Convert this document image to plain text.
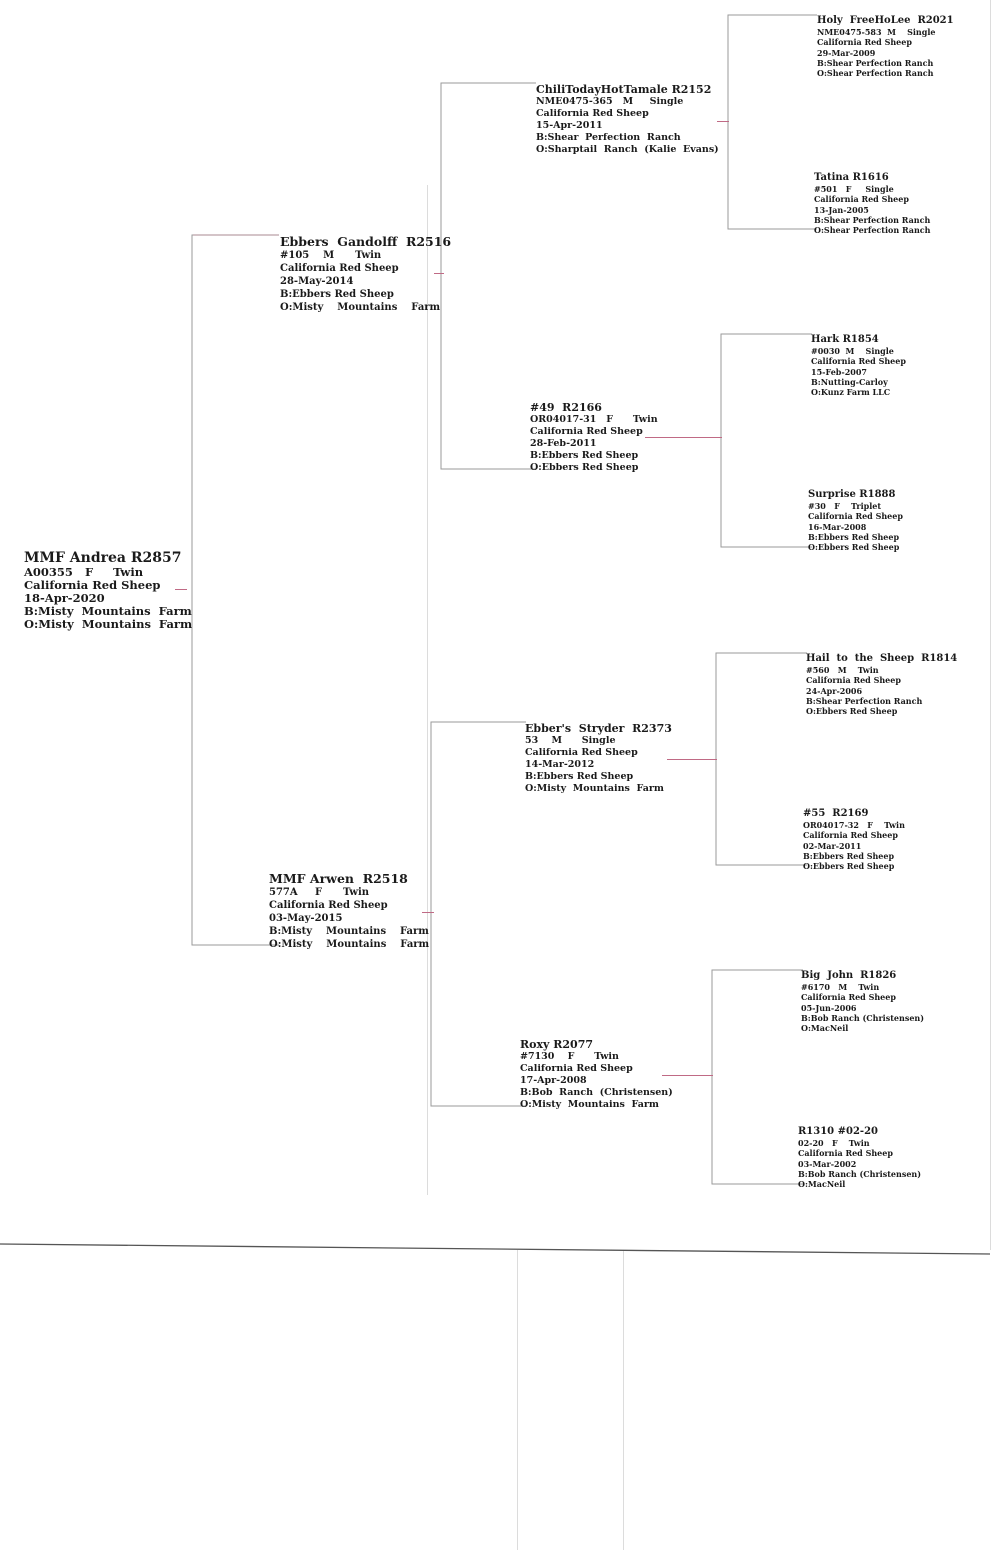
MMF Andrea R2857
A00355   F     Twin
California Red Sheep
18-Apr-2020
B:Misty  Mountains  Farm
O:Misty  Mountains  Farm
Ebbers  Gandolff  R2516
#105    M      Twin
California Red Sheep
28-May-2014
B:Ebbers Red Sheep
O:Misty    Mountains    Farm
MMF Arwen  R2518
577A     F      Twin
California Red Sheep
03-May-2015
B:Misty    Mountains    Farm
O:Misty    Mountains    Farm
ChiliTodayHotTamale R2152
NME0475-365   M     Single
California Red Sheep
15-Apr-2011
B:Shear  Perfection  Ranch
O:Sharptail  Ranch  (Kalie  Evans)
#49  R2166
OR04017-31   F      Twin
California Red Sheep
28-Feb-2011
B:Ebbers Red Sheep
O:Ebbers Red Sheep
Ebber's  Stryder  R2373
53    M      Single
California Red Sheep
14-Mar-2012
B:Ebbers Red Sheep
O:Misty  Mountains  Farm
Roxy R2077
#7130    F      Twin
California Red Sheep
17-Apr-2008
B:Bob  Ranch  (Christensen)
O:Misty  Mountains  Farm
Holy  FreeHoLee  R2021
NME0475-583  M    Single
California Red Sheep
29-Mar-2009
B:Shear Perfection Ranch
O:Shear Perfection Ranch
Tatina R1616
#501   F     Single
California Red Sheep
13-Jan-2005
B:Shear Perfection Ranch
O:Shear Perfection Ranch
Hark R1854
#0030  M    Single
California Red Sheep
15-Feb-2007
B:Nutting-Carloy
O:Kunz Farm LLC
Surprise R1888
#30   F    Triplet
California Red Sheep
16-Mar-2008
B:Ebbers Red Sheep
O:Ebbers Red Sheep
Hail  to  the  Sheep  R1814
#560   M    Twin
California Red Sheep
24-Apr-2006
B:Shear Perfection Ranch
O:Ebbers Red Sheep
#55  R2169
OR04017-32   F    Twin
California Red Sheep
02-Mar-2011
B:Ebbers Red Sheep
O:Ebbers Red Sheep
Big  John  R1826
#6170   M    Twin
California Red Sheep
05-Jun-2006
B:Bob Ranch (Christensen)
O:MacNeil
R1310 #02-20
02-20   F    Twin
California Red Sheep
03-Mar-2002
B:Bob Ranch (Christensen)
O:MacNeil
